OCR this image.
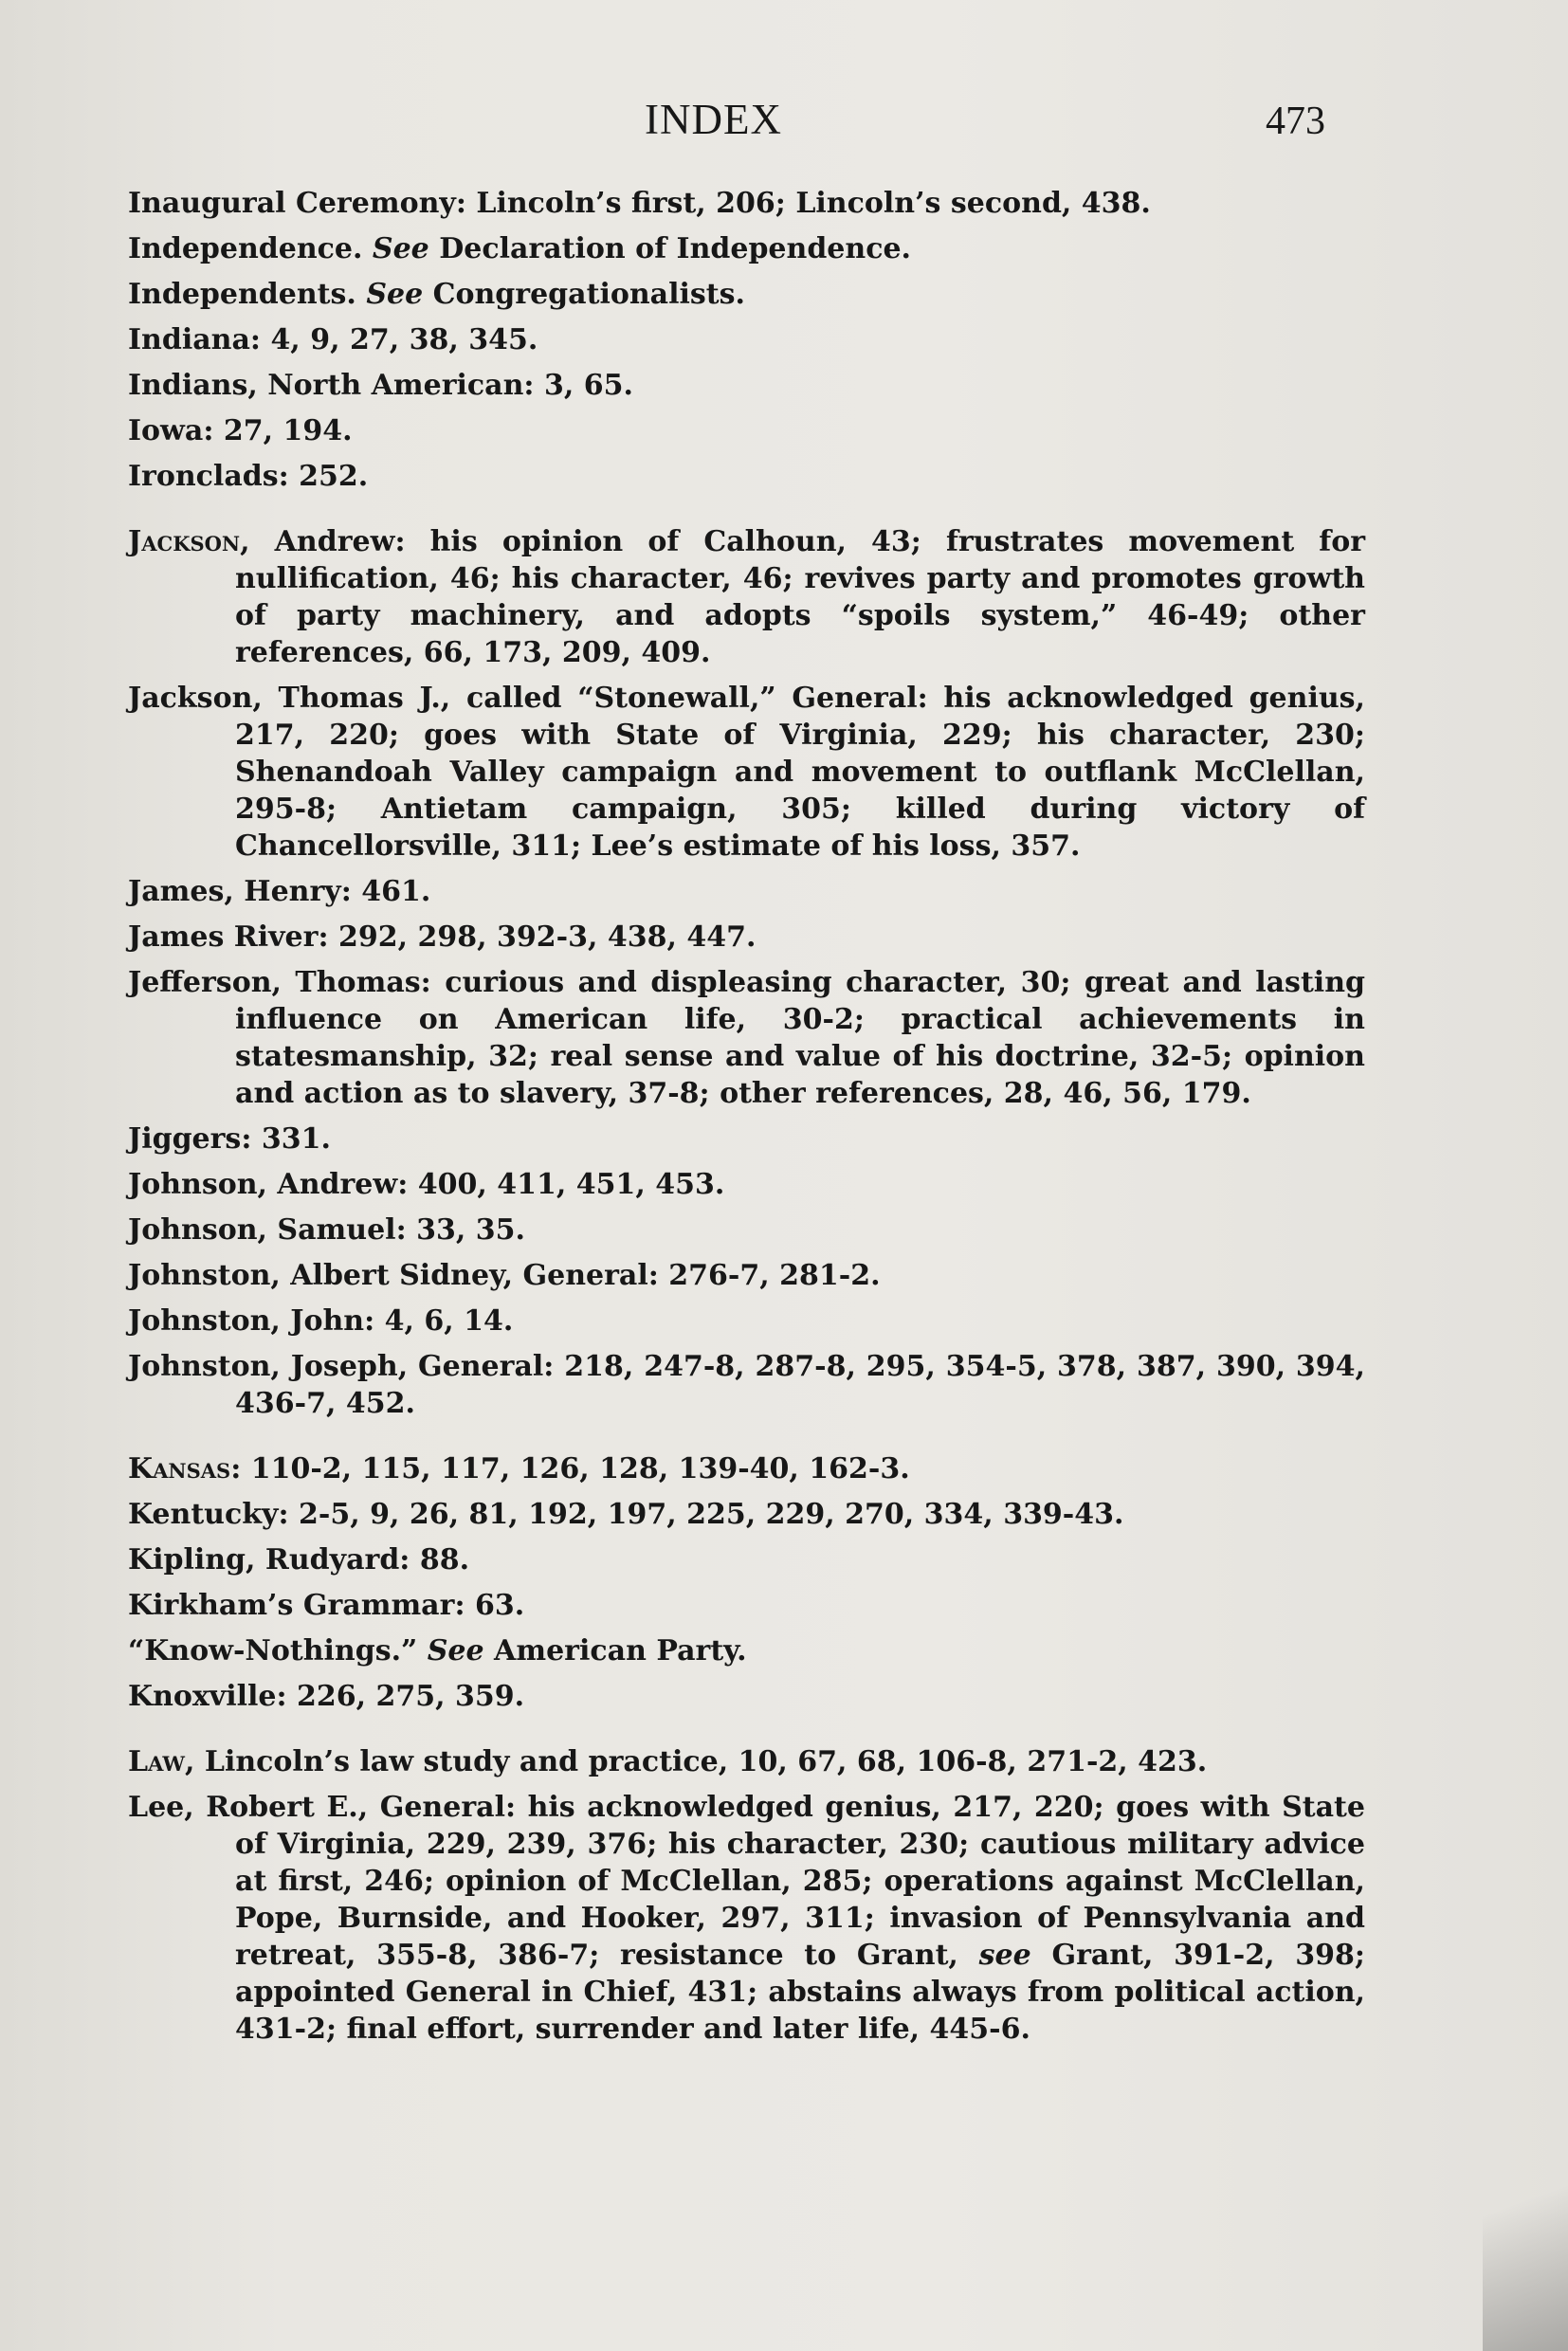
INDEX	473
Inaugural Ceremony: Lincoln’s first, 206; Lincoln’s second, 438.
Independence. See Declaration of Independence.
Independents. See Congregationalists.
Indiana: 4, 9, 27, 38, 345.
Indians, North American: 3, 65.
Iowa: 27, 194.
Ironclads: 252.
Jackson, Andrew: his opinion of Calhoun, 43; frustrates movement for nullification, 46; his character, 46; revives party and promotes growth of party machinery, and adopts “spoils system,” 46-49; other references, 66, 173, 209, 409.
Jackson, Thomas J., called “Stonewall,” General: his acknowledged genius, 217, 220; goes with State of Virginia, 229; his character, 230; Shenandoah Valley campaign and movement to outflank McClellan, 295-8; Antietam campaign, 305; killed during victory of Chancellorsville, 311; Lee’s estimate of his loss, 357.
James, Henry: 461.
James River: 292, 298, 392-3, 438, 447.
Jefferson, Thomas: curious and displeasing character, 30; great and lasting influence on American life, 30-2; practical achievements in statesmanship, 32; real sense and value of his doctrine, 32-5; opinion and action as to slavery, 37-8; other references, 28, 46, 56, 179.
Jiggers: 331.
Johnson, Andrew: 400, 411, 451, 453.
Johnson, Samuel: 33, 35.
Johnston, Albert Sidney, General: 276-7, 281-2.
Johnston, John: 4, 6, 14.
Johnston, Joseph, General: 218, 247-8, 287-8, 295, 354-5, 378, 387, 390, 394, 436-7, 452.
Kansas: 110-2, 115, 117, 126, 128, 139-40, 162-3.
Kentucky: 2-5, 9, 26, 81, 192, 197, 225, 229, 270, 334, 339-43.
Kipling, Rudyard: 88.
Kirkham’s Grammar: 63.
“Know-Nothings.” See American Party.
Knoxville: 226, 275, 359.
Law, Lincoln’s law study and practice, 10, 67, 68, 106-8, 271-2, 423.
Lee, Robert E., General: his acknowledged genius, 217, 220; goes with State of Virginia, 229, 239, 376; his character, 230; cautious military advice at first, 246; opinion of McClellan, 285; operations against McClellan, Pope, Burnside, and Hooker, 297, 311; invasion of Pennsylvania and retreat, 355-8, 386-7; resistance to Grant, see Grant, 391-2, 398; appointed General in Chief, 431; abstains always from political action, 431-2; final effort, surrender and later life, 445-6.
